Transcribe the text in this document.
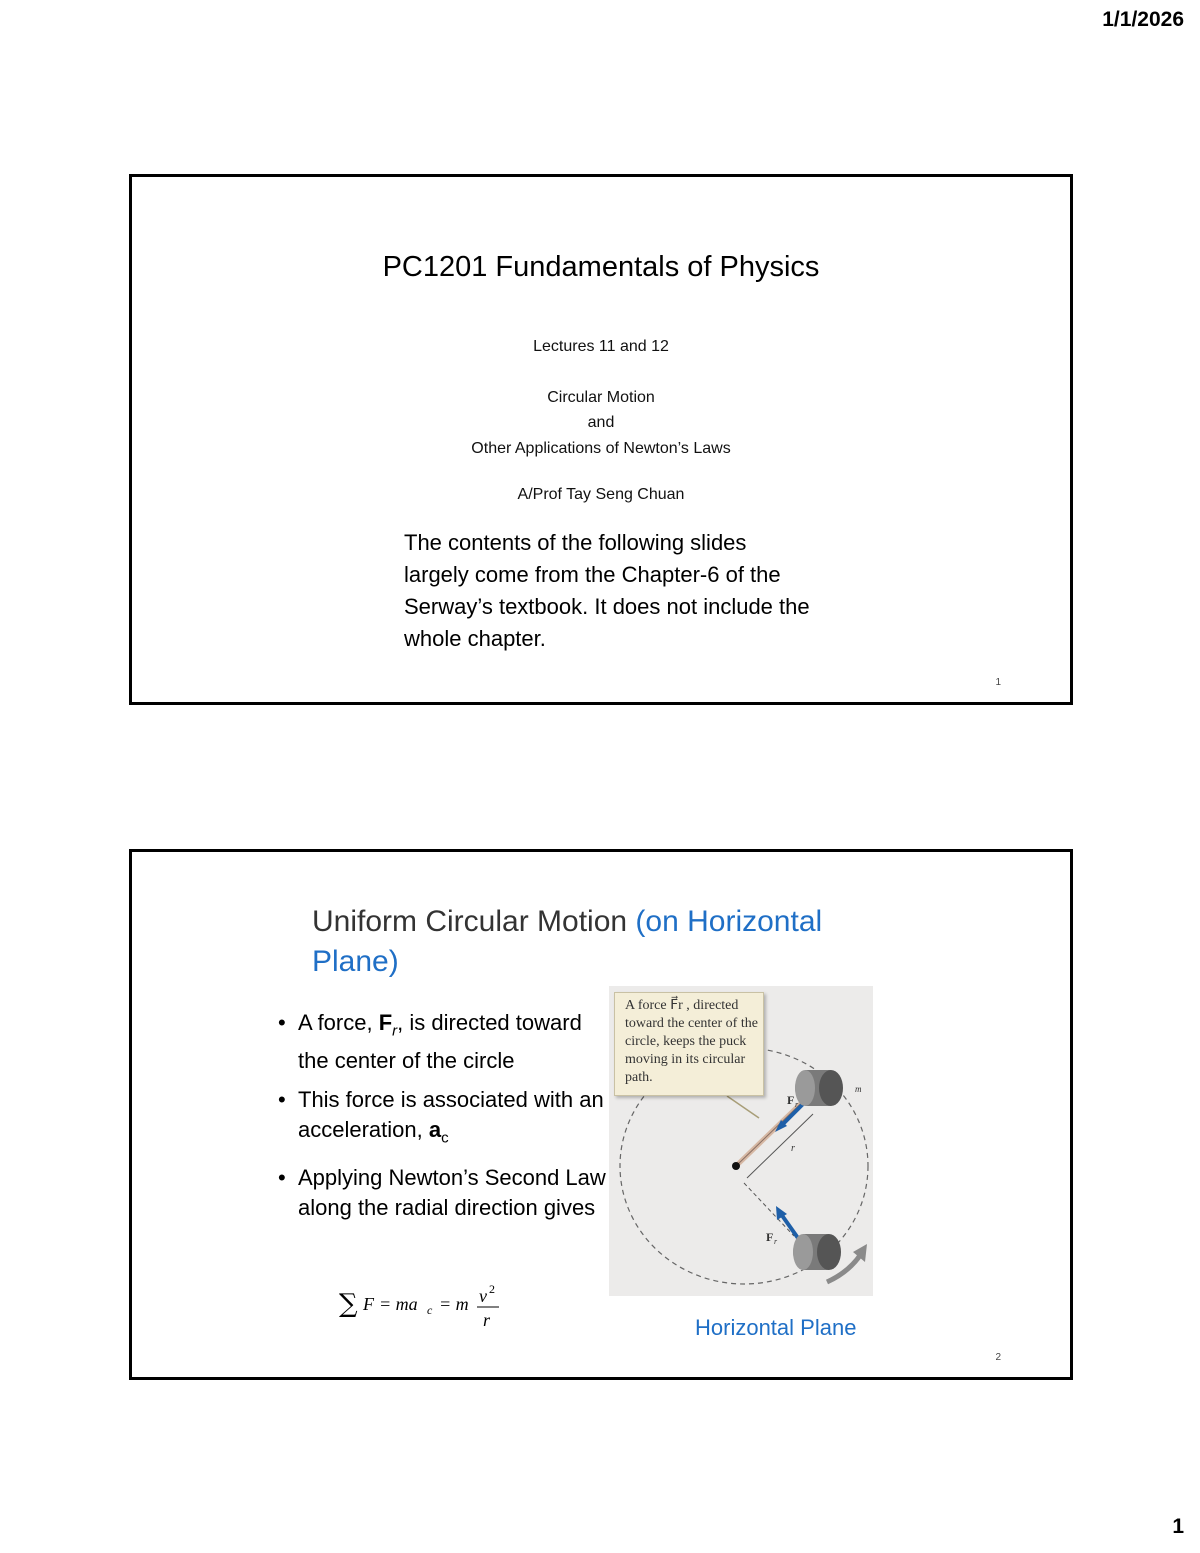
1/1/2026
PC1201 Fundamentals of Physics
Lectures 11 and 12
Circular Motion
and
Other Applications of Newton’s Laws
A/Prof Tay Seng Chuan
The contents of the following slides largely come from the Chapter-6 of the Serway’s textbook. It does not include the whole chapter.
1
Uniform Circular Motion (on Horizontal Plane)
• A force, $F_r$, is directed toward the center of the circle
• This force is associated with an acceleration, $a_c$
• Applying Newton’s Second Law along the radial direction gives
∑ F = ma c = m v 2
r
F r
F r
r
m
A force F⃗r , directed toward the center of the circle, keeps the puck moving in its circular path.
Horizontal Plane
2
1
